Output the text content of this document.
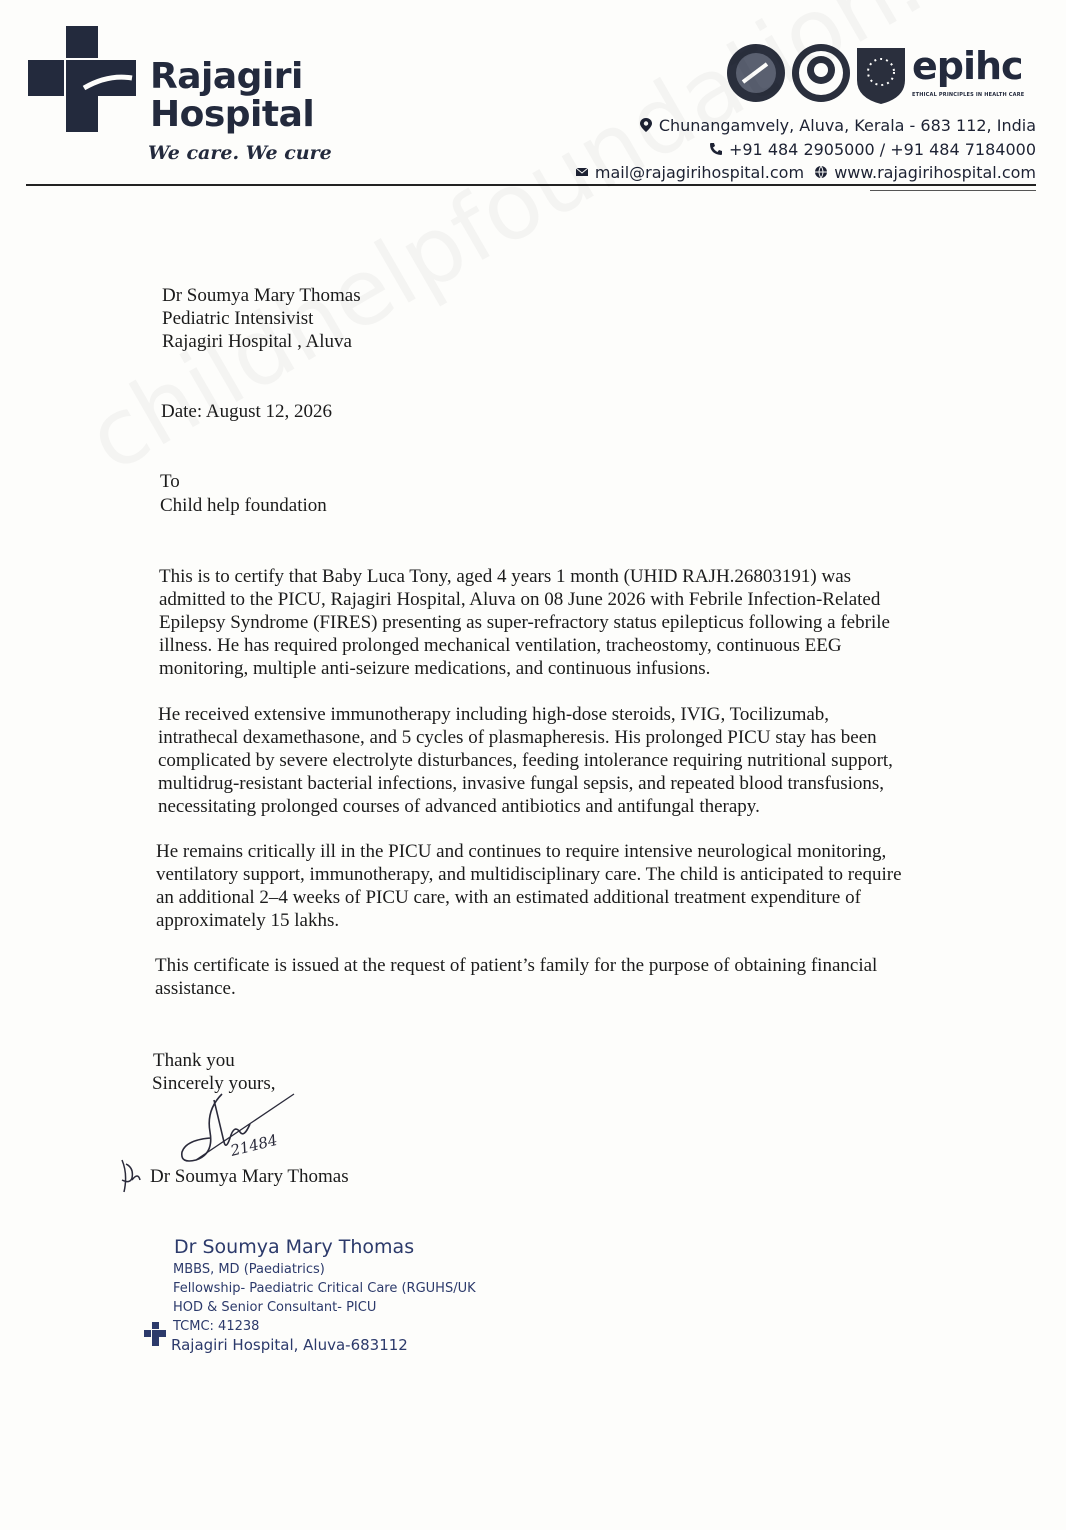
Rajagiri
Hospital
We care. We cure
epihc
ETHICAL PRINCIPLES IN HEALTH CARE
Chunangamvely, Aluva, Kerala - 683 112, India
+91 484 2905000 / +91 484 7184000
mail@rajagirihospital.com www.rajagirihospital.com
Dr Soumya Mary Thomas
Pediatric Intensivist
Rajagiri Hospital , Aluva
Date: August 12, 2026
To
Child help foundation
This is to certify that Baby Luca Tony, aged 4 years 1 month (UHID RAJH.26803191) was
admitted to the PICU, Rajagiri Hospital, Aluva on 08 June 2026 with Febrile Infection-Related
Epilepsy Syndrome (FIRES) presenting as super-refractory status epilepticus following a febrile
illness. He has required prolonged mechanical ventilation, tracheostomy, continuous EEG
monitoring, multiple anti-seizure medications, and continuous infusions.
He received extensive immunotherapy including high-dose steroids, IVIG, Tocilizumab,
intrathecal dexamethasone, and 5 cycles of plasmapheresis. His prolonged PICU stay has been
complicated by severe electrolyte disturbances, feeding intolerance requiring nutritional support,
multidrug-resistant bacterial infections, invasive fungal sepsis, and repeated blood transfusions,
necessitating prolonged courses of advanced antibiotics and antifungal therapy.
He remains critically ill in the PICU and continues to require intensive neurological monitoring,
ventilatory support, immunotherapy, and multidisciplinary care. The child is anticipated to require
an additional 2–4 weeks of PICU care, with an estimated additional treatment expenditure of
approximately 15 lakhs.
This certificate is issued at the request of patient’s family for the purpose of obtaining financial
assistance.
Thank you
Sincerely yours,
21484
Dr Soumya Mary Thomas
Dr Soumya Mary Thomas
MBBS, MD (Paediatrics)
Fellowship- Paediatric Critical Care (RGUHS/UK
HOD & Senior Consultant- PICU
TCMC: 41238
Rajagiri Hospital, Aluva-683112
